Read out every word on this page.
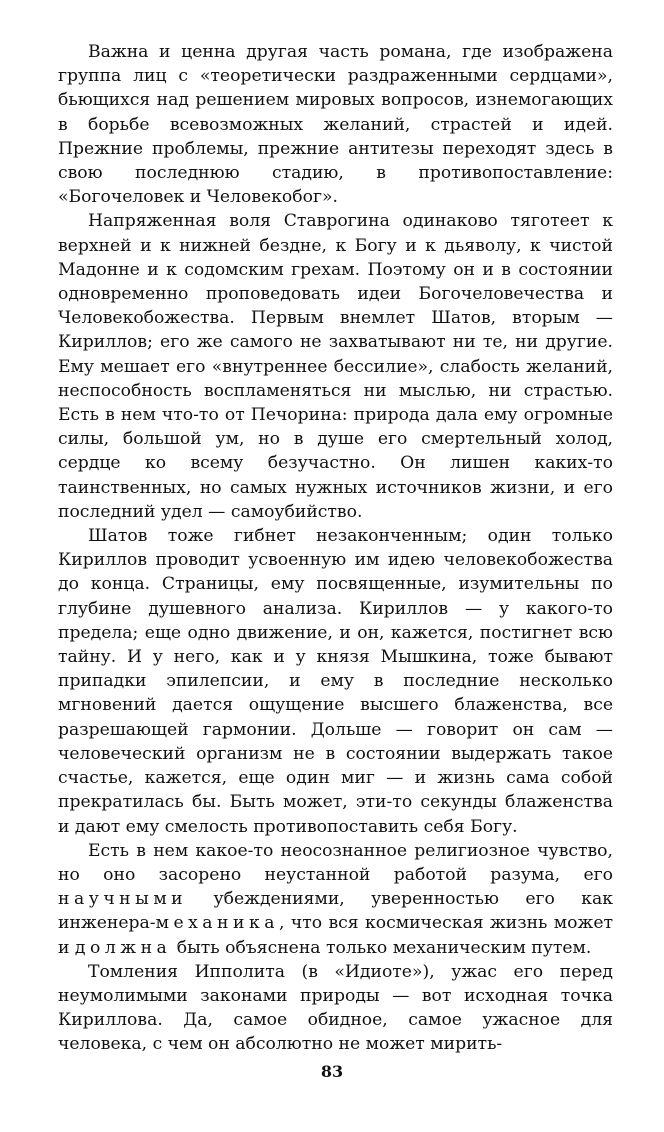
Важна и ценна другая часть романа, где изображена группа лиц с «теоретически раздраженными сердцами», бьющихся над решением мировых вопросов, изнемогающих в борьбе всевозможных желаний, страстей и идей. Прежние проблемы, прежние антитезы переходят здесь в свою последнюю стадию, в противопоставление: «Богочеловек и Человекобог».

Напряженная воля Ставрогина одинаково тяготеет к верхней и к нижней бездне, к Богу и к дьяволу, к чистой Мадонне и к содомским грехам. Поэтому он и в состоянии одновременно проповедовать идеи Богочеловечества и Человекобожества. Первым внемлет Шатов, вторым — Кириллов; его же самого не захватывают ни те, ни другие. Ему мешает его «внутреннее бессилие», слабость желаний, неспособность воспламеняться ни мыслью, ни страстью. Есть в нем что-то от Печорина: природа дала ему огромные силы, большой ум, но в душе его смертельный холод, сердце ко всему безучастно. Он лишен каких-то таинственных, но самых нужных источников жизни, и его последний удел — самоубийство.

Шатов тоже гибнет незаконченным; один только Кириллов проводит усвоенную им идею человекобожества до конца. Страницы, ему посвященные, изумительны по глубине душевного анализа. Кириллов — у какого-то предела; еще одно движение, и он, кажется, постигнет всю тайну. И у него, как и у князя Мышкина, тоже бывают припадки эпилепсии, и ему в последние несколько мгновений дается ощущение высшего блаженства, все разрешающей гармонии. Дольше — говорит он сам — человеческий организм не в состоянии выдержать такое счастье, кажется, еще один миг — и жизнь сама собой прекратилась бы. Быть может, эти-то секунды блаженства и дают ему смелость противопоставить себя Богу.

Есть в нем какое-то неосознанное религиозное чувство, но оно засорено неустанной работой разума, его научными убеждениями, уверенностью его как инженера-механика, что вся космическая жизнь может и должна быть объяснена только механическим путем.

Томления Ипполита (в «Идиоте»), ужас его перед неумолимыми законами природы — вот исходная точка Кириллова. Да, самое обидное, самое ужасное для человека, с чем он абсолютно не может мирить-

83
